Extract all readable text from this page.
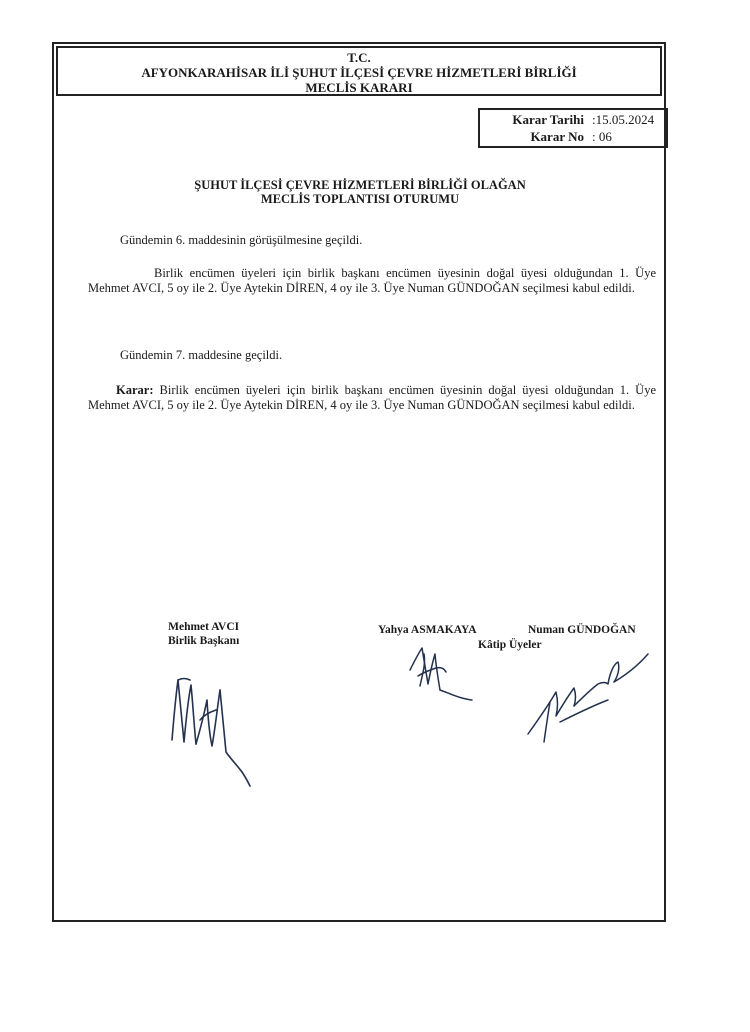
T.C.
AFYONKARAHİSAR İLİ ŞUHUT İLÇESİ ÇEVRE HİZMETLERİ BİRLİĞİ
MECLİS KARARI
Karar Tarihi :15.05.2024
Karar No : 06
ŞUHUT İLÇESİ ÇEVRE HİZMETLERİ BİRLİĞİ OLAĞAN
MECLİS TOPLANTISI OTURUMU
Gündemin 6. maddesinin görüşülmesine geçildi.
Birlik encümen üyeleri için birlik başkanı encümen üyesinin doğal üyesi olduğundan 1. Üye Mehmet AVCI, 5 oy ile 2. Üye Aytekin DİREN, 4 oy ile 3. Üye Numan GÜNDOĞAN seçilmesi kabul edildi.
Gündemin 7. maddesine geçildi.
Karar: Birlik encümen üyeleri için birlik başkanı encümen üyesinin doğal üyesi olduğundan 1. Üye Mehmet AVCI, 5 oy ile 2. Üye Aytekin DİREN, 4 oy ile 3. Üye Numan GÜNDOĞAN seçilmesi kabul edildi.
Mehmet AVCI
Birlik Başkanı
Yahya ASMAKAYA	Numan GÜNDOĞAN
Kâtip Üyeler
